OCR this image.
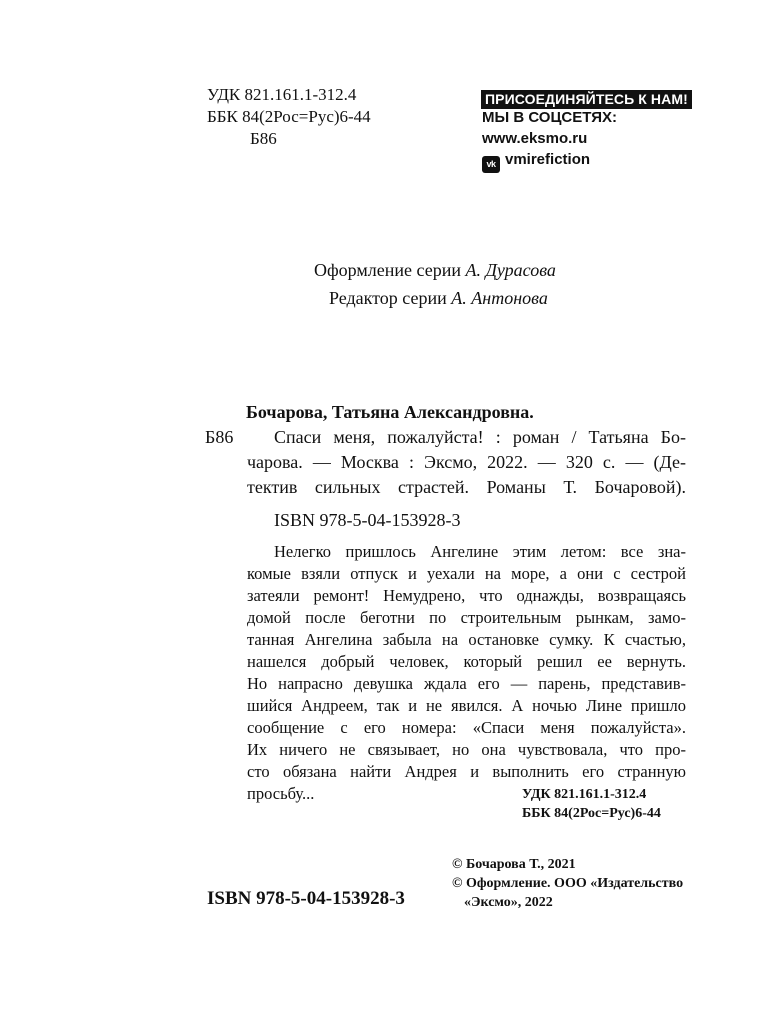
УДК 821.161.1-312.4
ББК 84(2Рос=Рус)6-44
Б86
ПРИСОЕДИНЯЙТЕСЬ К НАМ!
МЫ В СОЦСЕТЯХ:
www.eksmo.ru
vk vmirefiction
Оформление серии А. Дурасова
Редактор серии А. Антонова
Бочарова, Татьяна Александровна.
Б86 Спаси меня, пожалуйста! : роман / Татьяна Бо-
чарова. — Москва : Эксмо, 2022. — 320 с. — (Де-
тектив сильных страстей. Романы Т. Бочаровой).
ISBN 978-5-04-153928-3
Нелегко пришлось Ангелине этим летом: все зна-
комые взяли отпуск и уехали на море, а они с сестрой
затеяли ремонт! Немудрено, что однажды, возвращаясь
домой после беготни по строительным рынкам, замо-
танная Ангелина забыла на остановке сумку. К счастью,
нашелся добрый человек, который решил ее вернуть.
Но напрасно девушка ждала его — парень, представив-
шийся Андреем, так и не явился. А ночью Лине пришло
сообщение с его номера: «Спаси меня пожалуйста».
Их ничего не связывает, но она чувствовала, что про-
сто обязана найти Андрея и выполнить его странную
просьбу...	УДК 821.161.1-312.4
ББК 84(2Рос=Рус)6-44
© Бочарова Т., 2021
© Оформление. ООО «Издательство
«Эксмо», 2022
ISBN 978-5-04-153928-3
